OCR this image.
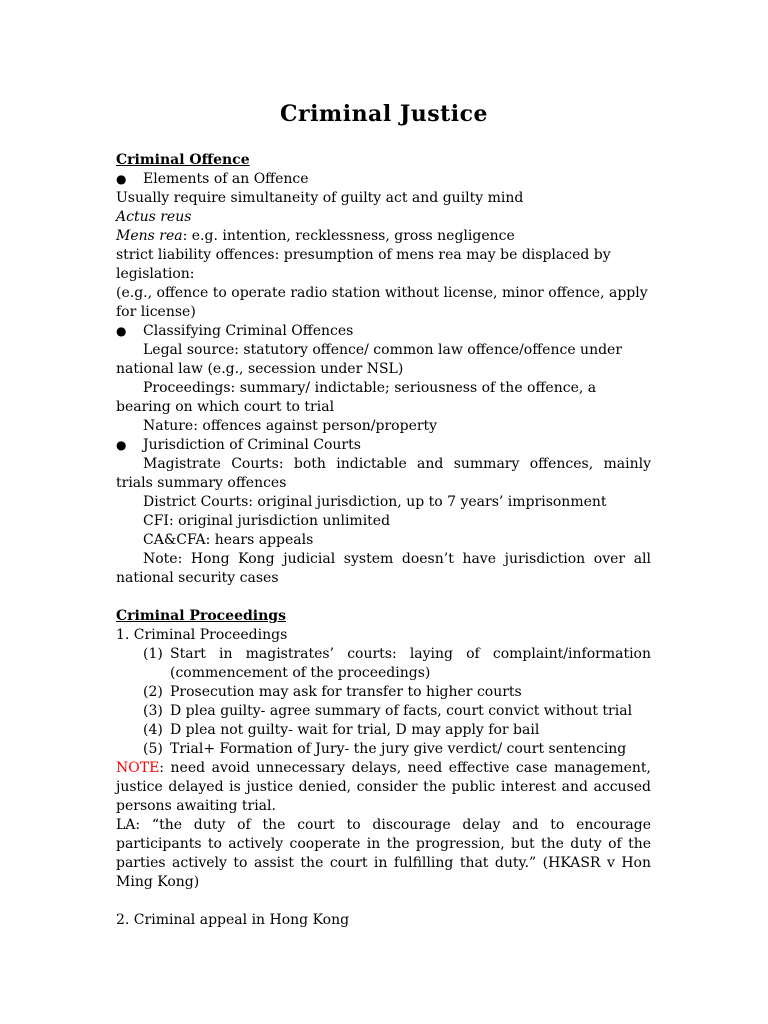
Criminal Justice

Criminal Offence

● Elements of an Offence

Usually require simultaneity of guilty act and guilty mind

Actus reus

Mens rea: e.g. intention, recklessness, gross negligence

strict liability offences: presumption of mens rea may be displaced by legislation:

(e.g., offence to operate radio station without license, minor offence, apply for license)

● Classifying Criminal Offences

Legal source: statutory offence/ common law offence/offence under national law (e.g., secession under NSL)

Proceedings: summary/ indictable; seriousness of the offence, a bearing on which court to trial

Nature: offences against person/property

● Jurisdiction of Criminal Courts

Magistrate Courts: both indictable and summary offences, mainly trials summary offences

District Courts: original jurisdiction, up to 7 years’ imprisonment

CFI: original jurisdiction unlimited

CA&CFA: hears appeals

Note: Hong Kong judicial system doesn’t have jurisdiction over all national security cases

Criminal Proceedings

1. Criminal Proceedings

(1) Start in magistrates’ courts: laying of complaint/information (commencement of the proceedings)

(2) Prosecution may ask for transfer to higher courts

(3) D plea guilty- agree summary of facts, court convict without trial

(4) D plea not guilty- wait for trial, D may apply for bail

(5) Trial+ Formation of Jury- the jury give verdict/ court sentencing

NOTE: need avoid unnecessary delays, need effective case management, justice delayed is justice denied, consider the public interest and accused persons awaiting trial.

LA: “the duty of the court to discourage delay and to encourage participants to actively cooperate in the progression, but the duty of the parties actively to assist the court in fulfilling that duty.” (HKASR v Hon Ming Kong)

2. Criminal appeal in Hong Kong
